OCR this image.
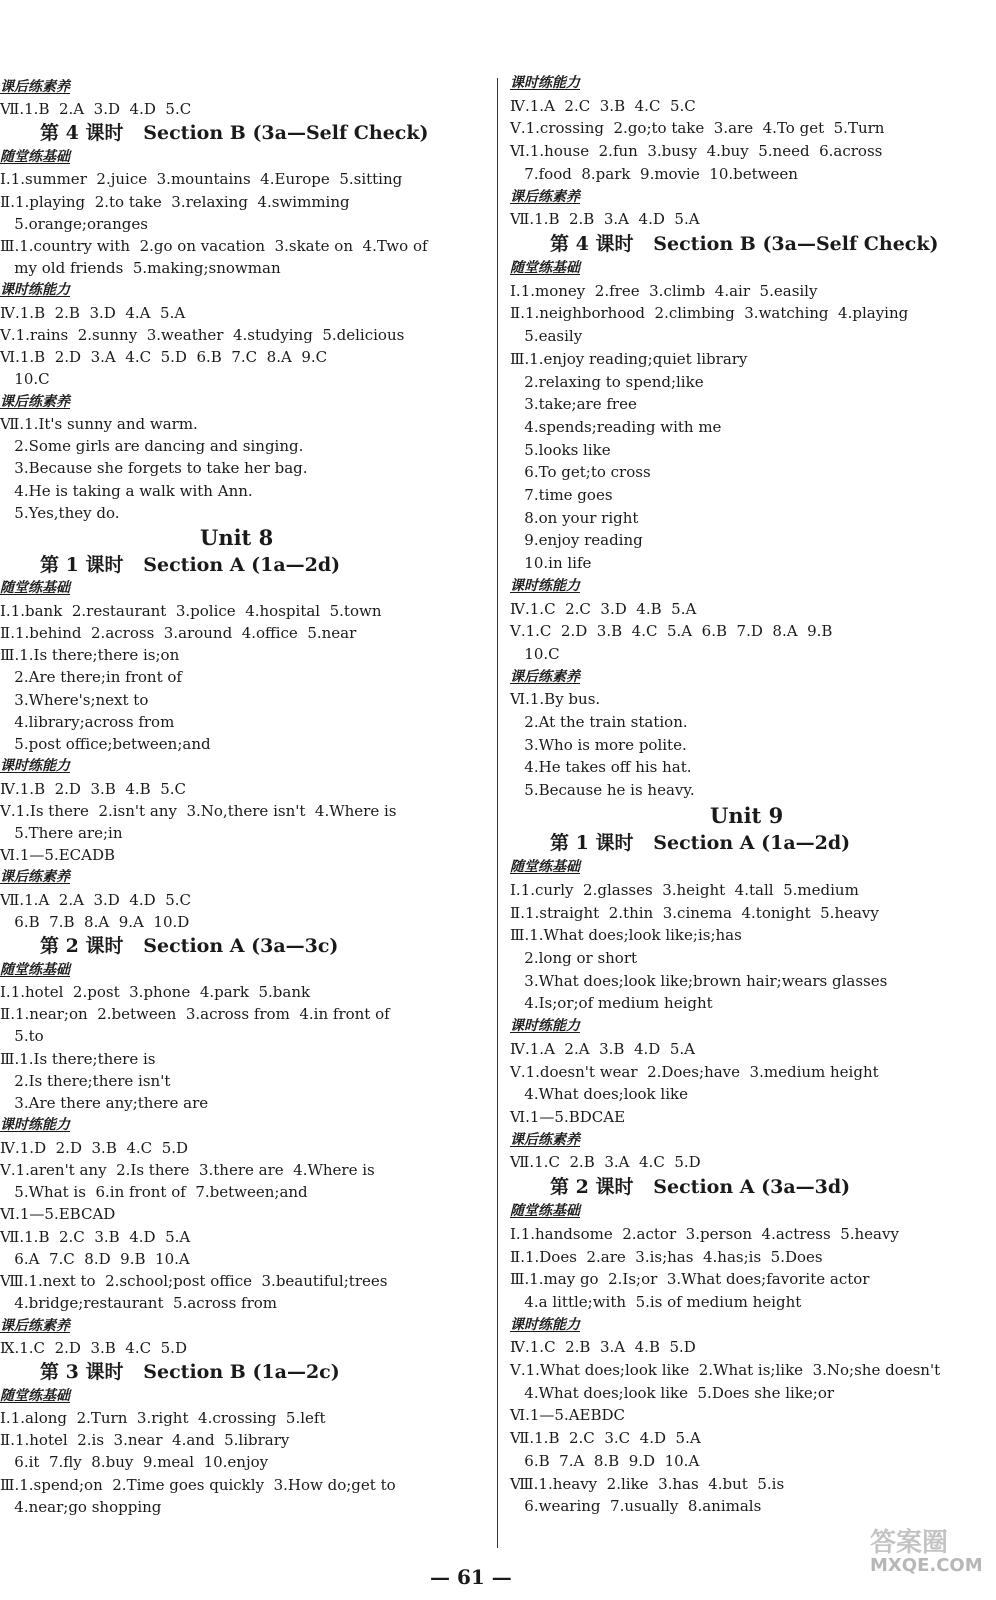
课后练素养
Ⅶ.1.B  2.A  3.D  4.D  5.C
第 4 课时   Section B (3a—Self Check)
随堂练基础
Ⅰ.1.summer  2.juice  3.mountains  4.Europe  5.sitting
Ⅱ.1.playing  2.to take  3.relaxing  4.swimming
5.orange;oranges
Ⅲ.1.country with  2.go on vacation  3.skate on  4.Two of
my old friends  5.making;snowman
课时练能力
Ⅳ.1.B  2.B  3.D  4.A  5.A
Ⅴ.1.rains  2.sunny  3.weather  4.studying  5.delicious
Ⅵ.1.B  2.D  3.A  4.C  5.D  6.B  7.C  8.A  9.C
10.C
课后练素养
Ⅶ.1.It's sunny and warm.
2.Some girls are dancing and singing.
3.Because she forgets to take her bag.
4.He is taking a walk with Ann.
5.Yes,they do.
Unit 8
第 1 课时   Section A (1a—2d)
随堂练基础
Ⅰ.1.bank  2.restaurant  3.police  4.hospital  5.town
Ⅱ.1.behind  2.across  3.around  4.office  5.near
Ⅲ.1.Is there;there is;on
2.Are there;in front of
3.Where's;next to
4.library;across from
5.post office;between;and
课时练能力
Ⅳ.1.B  2.D  3.B  4.B  5.C
Ⅴ.1.Is there  2.isn't any  3.No,there isn't  4.Where is
5.There are;in
Ⅵ.1—5.ECADB
课后练素养
Ⅶ.1.A  2.A  3.D  4.D  5.C
6.B  7.B  8.A  9.A  10.D
第 2 课时   Section A (3a—3c)
随堂练基础
Ⅰ.1.hotel  2.post  3.phone  4.park  5.bank
Ⅱ.1.near;on  2.between  3.across from  4.in front of
5.to
Ⅲ.1.Is there;there is
2.Is there;there isn't
3.Are there any;there are
课时练能力
Ⅳ.1.D  2.D  3.B  4.C  5.D
Ⅴ.1.aren't any  2.Is there  3.there are  4.Where is
5.What is  6.in front of  7.between;and
Ⅵ.1—5.EBCAD
Ⅶ.1.B  2.C  3.B  4.D  5.A
6.A  7.C  8.D  9.B  10.A
Ⅷ.1.next to  2.school;post office  3.beautiful;trees
4.bridge;restaurant  5.across from
课后练素养
Ⅸ.1.C  2.D  3.B  4.C  5.D
第 3 课时   Section B (1a—2c)
随堂练基础
Ⅰ.1.along  2.Turn  3.right  4.crossing  5.left
Ⅱ.1.hotel  2.is  3.near  4.and  5.library
6.it  7.fly  8.buy  9.meal  10.enjoy
Ⅲ.1.spend;on  2.Time goes quickly  3.How do;get to
4.near;go shopping
课时练能力
Ⅳ.1.A  2.C  3.B  4.C  5.C
Ⅴ.1.crossing  2.go;to take  3.are  4.To get  5.Turn
Ⅵ.1.house  2.fun  3.busy  4.buy  5.need  6.across
7.food  8.park  9.movie  10.between
课后练素养
Ⅶ.1.B  2.B  3.A  4.D  5.A
第 4 课时   Section B (3a—Self Check)
随堂练基础
Ⅰ.1.money  2.free  3.climb  4.air  5.easily
Ⅱ.1.neighborhood  2.climbing  3.watching  4.playing
5.easily
Ⅲ.1.enjoy reading;quiet library
2.relaxing to spend;like
3.take;are free
4.spends;reading with me
5.looks like
6.To get;to cross
7.time goes
8.on your right
9.enjoy reading
10.in life
课时练能力
Ⅳ.1.C  2.C  3.D  4.B  5.A
Ⅴ.1.C  2.D  3.B  4.C  5.A  6.B  7.D  8.A  9.B
10.C
课后练素养
Ⅵ.1.By bus.
2.At the train station.
3.Who is more polite.
4.He takes off his hat.
5.Because he is heavy.
Unit 9
第 1 课时   Section A (1a—2d)
随堂练基础
Ⅰ.1.curly  2.glasses  3.height  4.tall  5.medium
Ⅱ.1.straight  2.thin  3.cinema  4.tonight  5.heavy
Ⅲ.1.What does;look like;is;has
2.long or short
3.What does;look like;brown hair;wears glasses
4.Is;or;of medium height
课时练能力
Ⅳ.1.A  2.A  3.B  4.D  5.A
Ⅴ.1.doesn't wear  2.Does;have  3.medium height
4.What does;look like
Ⅵ.1—5.BDCAE
课后练素养
Ⅶ.1.C  2.B  3.A  4.C  5.D
第 2 课时   Section A (3a—3d)
随堂练基础
Ⅰ.1.handsome  2.actor  3.person  4.actress  5.heavy
Ⅱ.1.Does  2.are  3.is;has  4.has;is  5.Does
Ⅲ.1.may go  2.Is;or  3.What does;favorite actor
4.a little;with  5.is of medium height
课时练能力
Ⅳ.1.C  2.B  3.A  4.B  5.D
Ⅴ.1.What does;look like  2.What is;like  3.No;she doesn't
4.What does;look like  5.Does she like;or
Ⅵ.1—5.AEBDC
Ⅶ.1.B  2.C  3.C  4.D  5.A
6.B  7.A  8.B  9.D  10.A
Ⅷ.1.heavy  2.like  3.has  4.but  5.is
6.wearing  7.usually  8.animals
— 61 —
答案圈
MXQE.COM
